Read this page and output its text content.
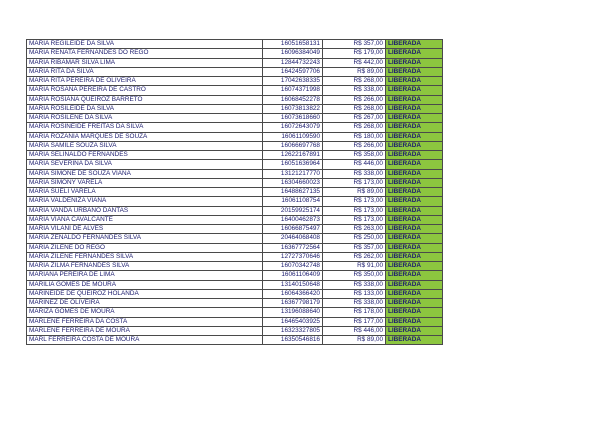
MARIA REGILEIDE DA SILVA	16051658131	R$ 357,00	LIBERADA
MARIA RENATA FERNANDES DO REGO	16096384049	R$ 179,00	LIBERADA
MARIA RIBAMAR SILVA LIMA	12844732243	R$ 442,00	LIBERADA
MARIA RITA DA SILVA	16424597706	R$ 89,00	LIBERADA
MARIA RITA PEREIRA DE OLIVEIRA	17042638335	R$ 268,00	LIBERADA
MARIA ROSANA PEREIRA DE CASTRO	16074371998	R$ 338,00	LIBERADA
MARIA ROSIANA QUEIROZ BARRETO	16068452278	R$ 266,00	LIBERADA
MARIA ROSILEIDE DA SILVA	16073813822	R$ 268,00	LIBERADA
MARIA ROSILENE DA SILVA	16073618660	R$ 267,00	LIBERADA
MARIA ROSINEIDE FREITAS DA SILVA	16072643079	R$ 268,00	LIBERADA
MARIA ROZANIA MARQUES DE SOUZA	16061109590	R$ 180,00	LIBERADA
MARIA SAMILE SOUZA SILVA	16066697768	R$ 266,00	LIBERADA
MARIA SELINALDO FERNANDES	12622167891	R$ 358,00	LIBERADA
MARIA SEVERINA DA SILVA	16051636964	R$ 446,00	LIBERADA
MARIA SIMONE DE SOUZA VIANA	13121217770	R$ 338,00	LIBERADA
MARIA SIMONY VARELA	16304660023	R$ 173,00	LIBERADA
MARIA SUELI VARELA	16488627135	R$ 89,00	LIBERADA
MARIA VALDENIZA VIANA	16061108754	R$ 173,00	LIBERADA
MARIA VANDA URBANO DANTAS	20159925174	R$ 173,00	LIBERADA
MARIA VIANA CAVALCANTE	16400462873	R$ 173,00	LIBERADA
MARIA VILANI DE ALVES	16066875497	R$ 263,00	LIBERADA
MARIA ZENALDO FERNANDES SILVA	20464068408	R$ 250,00	LIBERADA
MARIA ZILENE DO REGO	16367772564	R$ 357,00	LIBERADA
MARIA ZILENE FERNANDES SILVA	12727370646	R$ 262,00	LIBERADA
MARIA ZILMA FERNANDES SILVA	16070342748	R$ 91,00	LIBERADA
MARIANA PEREIRA DE LIMA	16061106409	R$ 350,00	LIBERADA
MARILIA GOMES DE MOURA	13140150648	R$ 338,00	LIBERADA
MARINEIDE DE QUEIROZ HOLANDA	16064366420	R$ 133,00	LIBERADA
MARINEZ DE OLIVEIRA	16367798179	R$ 338,00	LIBERADA
MARIZA GOMES DE MOURA	13196088640	R$ 178,00	LIBERADA
MARLENE FERREIRA DA COSTA	16465403925	R$ 177,00	LIBERADA
MARLENE FERREIRA DE MOURA	16323327805	R$ 446,00	LIBERADA
MARL FERREIRA COSTA DE MOURA	16350546816	R$ 89,00	LIBERADA
